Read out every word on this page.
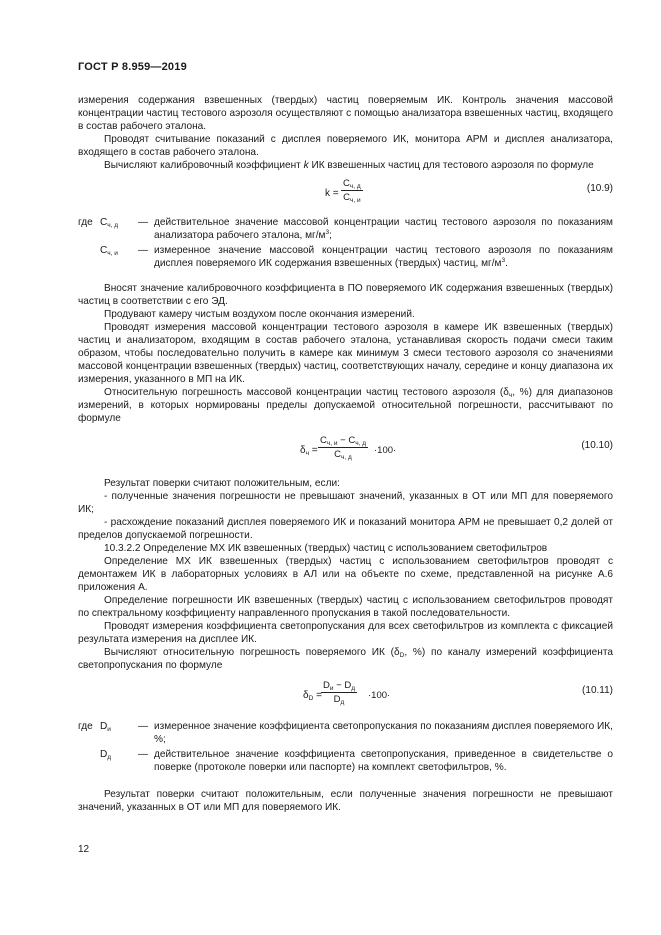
ГОСТ Р 8.959—2019

измерения содержания взвешенных (твердых) частиц поверяемым ИК. Контроль значения массовой концентрации частиц тестового аэрозоля осуществляют с помощью анализатора взвешенных частиц, входящего в состав рабочего эталона.

Проводят считывание показаний с дисплея поверяемого ИК, монитора АРМ и дисплея анализатора, входящего в состав рабочего эталона.

Вычисляют калибровочный коэффициент k ИК взвешенных частиц для тестового аэрозоля по формуле

k =
$C_{ч, д}$
$C_{ч, и}$
(10.9)
где $C_{ч, д}$	— действительное значение массовой концентрации частиц тестового аэрозоля по показаниям анализатора рабочего эталона, $мг/м^3$;
$C_{ч, и}$	— измеренное значение массовой концентрации частиц тестового аэрозоля по показаниям дисплея поверяемого ИК содержания взвешенных (твердых) частиц, $мг/м^3$.

Вносят значение калибровочного коэффициента в ПО поверяемого ИК содержания взвешенных (твердых) частиц в соответствии с его ЭД.

Продувают камеру чистым воздухом после окончания измерений.

Проводят измерения массовой концентрации тестового аэрозоля в камере ИК взвешенных (твердых) частиц и анализатором, входящим в состав рабочего эталона, устанавливая скорость подачи смеси таким образом, чтобы последовательно получить в камере как минимум 3 смеси тестового аэрозоля со значениями массовой концентрации взвешенных (твердых) частиц, соответствующих началу, середине и концу диапазона их измерения, указанного в МП на ИК.

Относительную погрешность массовой концентрации частиц тестового аэрозоля ($\delta_ч$, %) для диапазонов измерений, в которых нормированы пределы допускаемой относительной погрешности, рассчитывают по формуле

$\delta_ч$ =
$C_{ч, и} - C_{ч, д}$
$C_{ч, д}$
·100·	(10.10)

Результат поверки считают положительным, если:

- полученные значения погрешности не превышают значений, указанных в ОТ или МП для поверяемого ИК;

- расхождение показаний дисплея поверяемого ИК и показаний монитора АРМ не превышает 0,2 долей от пределов допускаемой погрешности.

10.3.2.2 Определение МХ ИК взвешенных (твердых) частиц с использованием светофильтров

Определение МХ ИК взвешенных (твердых) частиц с использованием светофильтров проводят с демонтажем ИК в лабораторных условиях в АЛ или на объекте по схеме, представленной на рисунке А.6 приложения А.

Определение погрешности ИК взвешенных (твердых) частиц с использованием светофильтров проводят по спектральному коэффициенту направленного пропускания в такой последовательности.

Проводят измерения коэффициента светопропускания для всех светофильтров из комплекта с фиксацией результата измерения на дисплее ИК.

Вычисляют относительную погрешность поверяемого ИК ($\delta_D$, %) по каналу измерений коэффициента светопропускания по формуле

$\delta_D$ =
$D_и - D_д$
$D_д$
·100·	(10.11)
где $D_и$	— измеренное значение коэффициента светопропускания по показаниям дисплея поверяемого ИК, %;
$D_д$	— действительное значение коэффициента светопропускания, приведенное в свидетельстве о поверке (протоколе поверки или паспорте) на комплект светофильтров, %.

Результат поверки считают положительным, если полученные значения погрешности не превышают значений, указанных в ОТ или МП для поверяемого ИК.

12
